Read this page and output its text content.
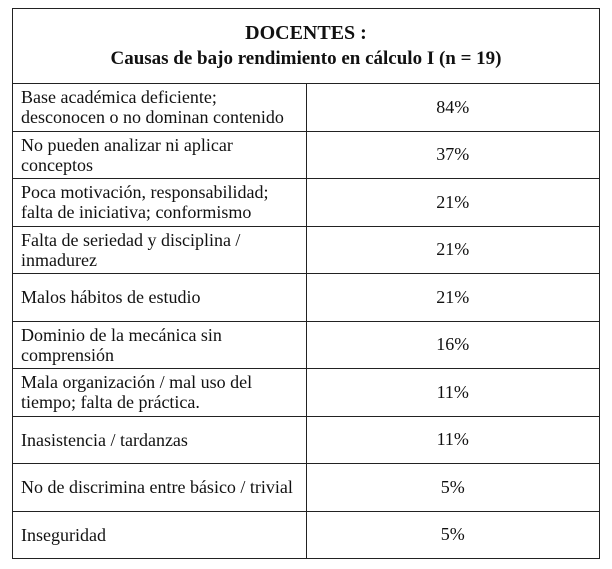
DOCENTES :
Causas de bajo rendimiento en cálculo I (n = 19)	

Base académica deficiente; desconocen o no dominan contenido	84%
No pueden analizar ni aplicar conceptos	37%
Poca motivación, responsabilidad; falta de iniciativa; conformismo	21%
Falta de seriedad y disciplina / inmadurez	21%
Malos hábitos de estudio	21%
Dominio de la mecánica sin comprensión	16%
Mala organización / mal uso del tiempo; falta de práctica.	11%
Inasistencia / tardanzas	11%
No de discrimina entre básico / trivial	5%
Inseguridad	5%
